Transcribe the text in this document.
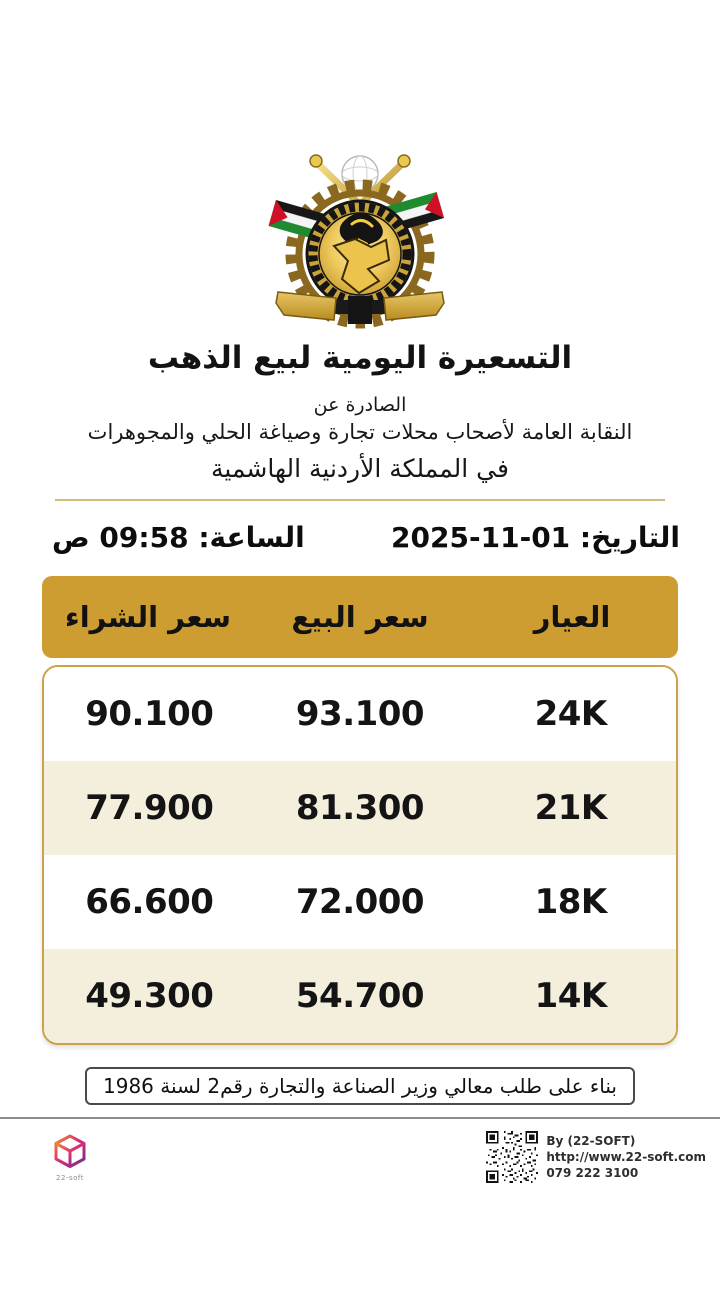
التسعيرة اليومية لبيع الذهب
الصادرة عن
النقابة العامة لأصحاب محلات تجارة وصياغة الحلي والمجوهرات
في المملكة الأردنية الهاشمية
التاريخ: 01-11-2025
الساعة: 09:58 ص
العيار
سعر البيع
سعر الشراء
24K
93.100
90.100
21K
81.300
77.900
18K
72.000
66.600
14K
54.700
49.300
بناء على طلب معالي وزير الصناعة والتجارة رقم2 لسنة 1986
22-soft
By (22-SOFT)
http://www.22-soft.com
079 222 3100
